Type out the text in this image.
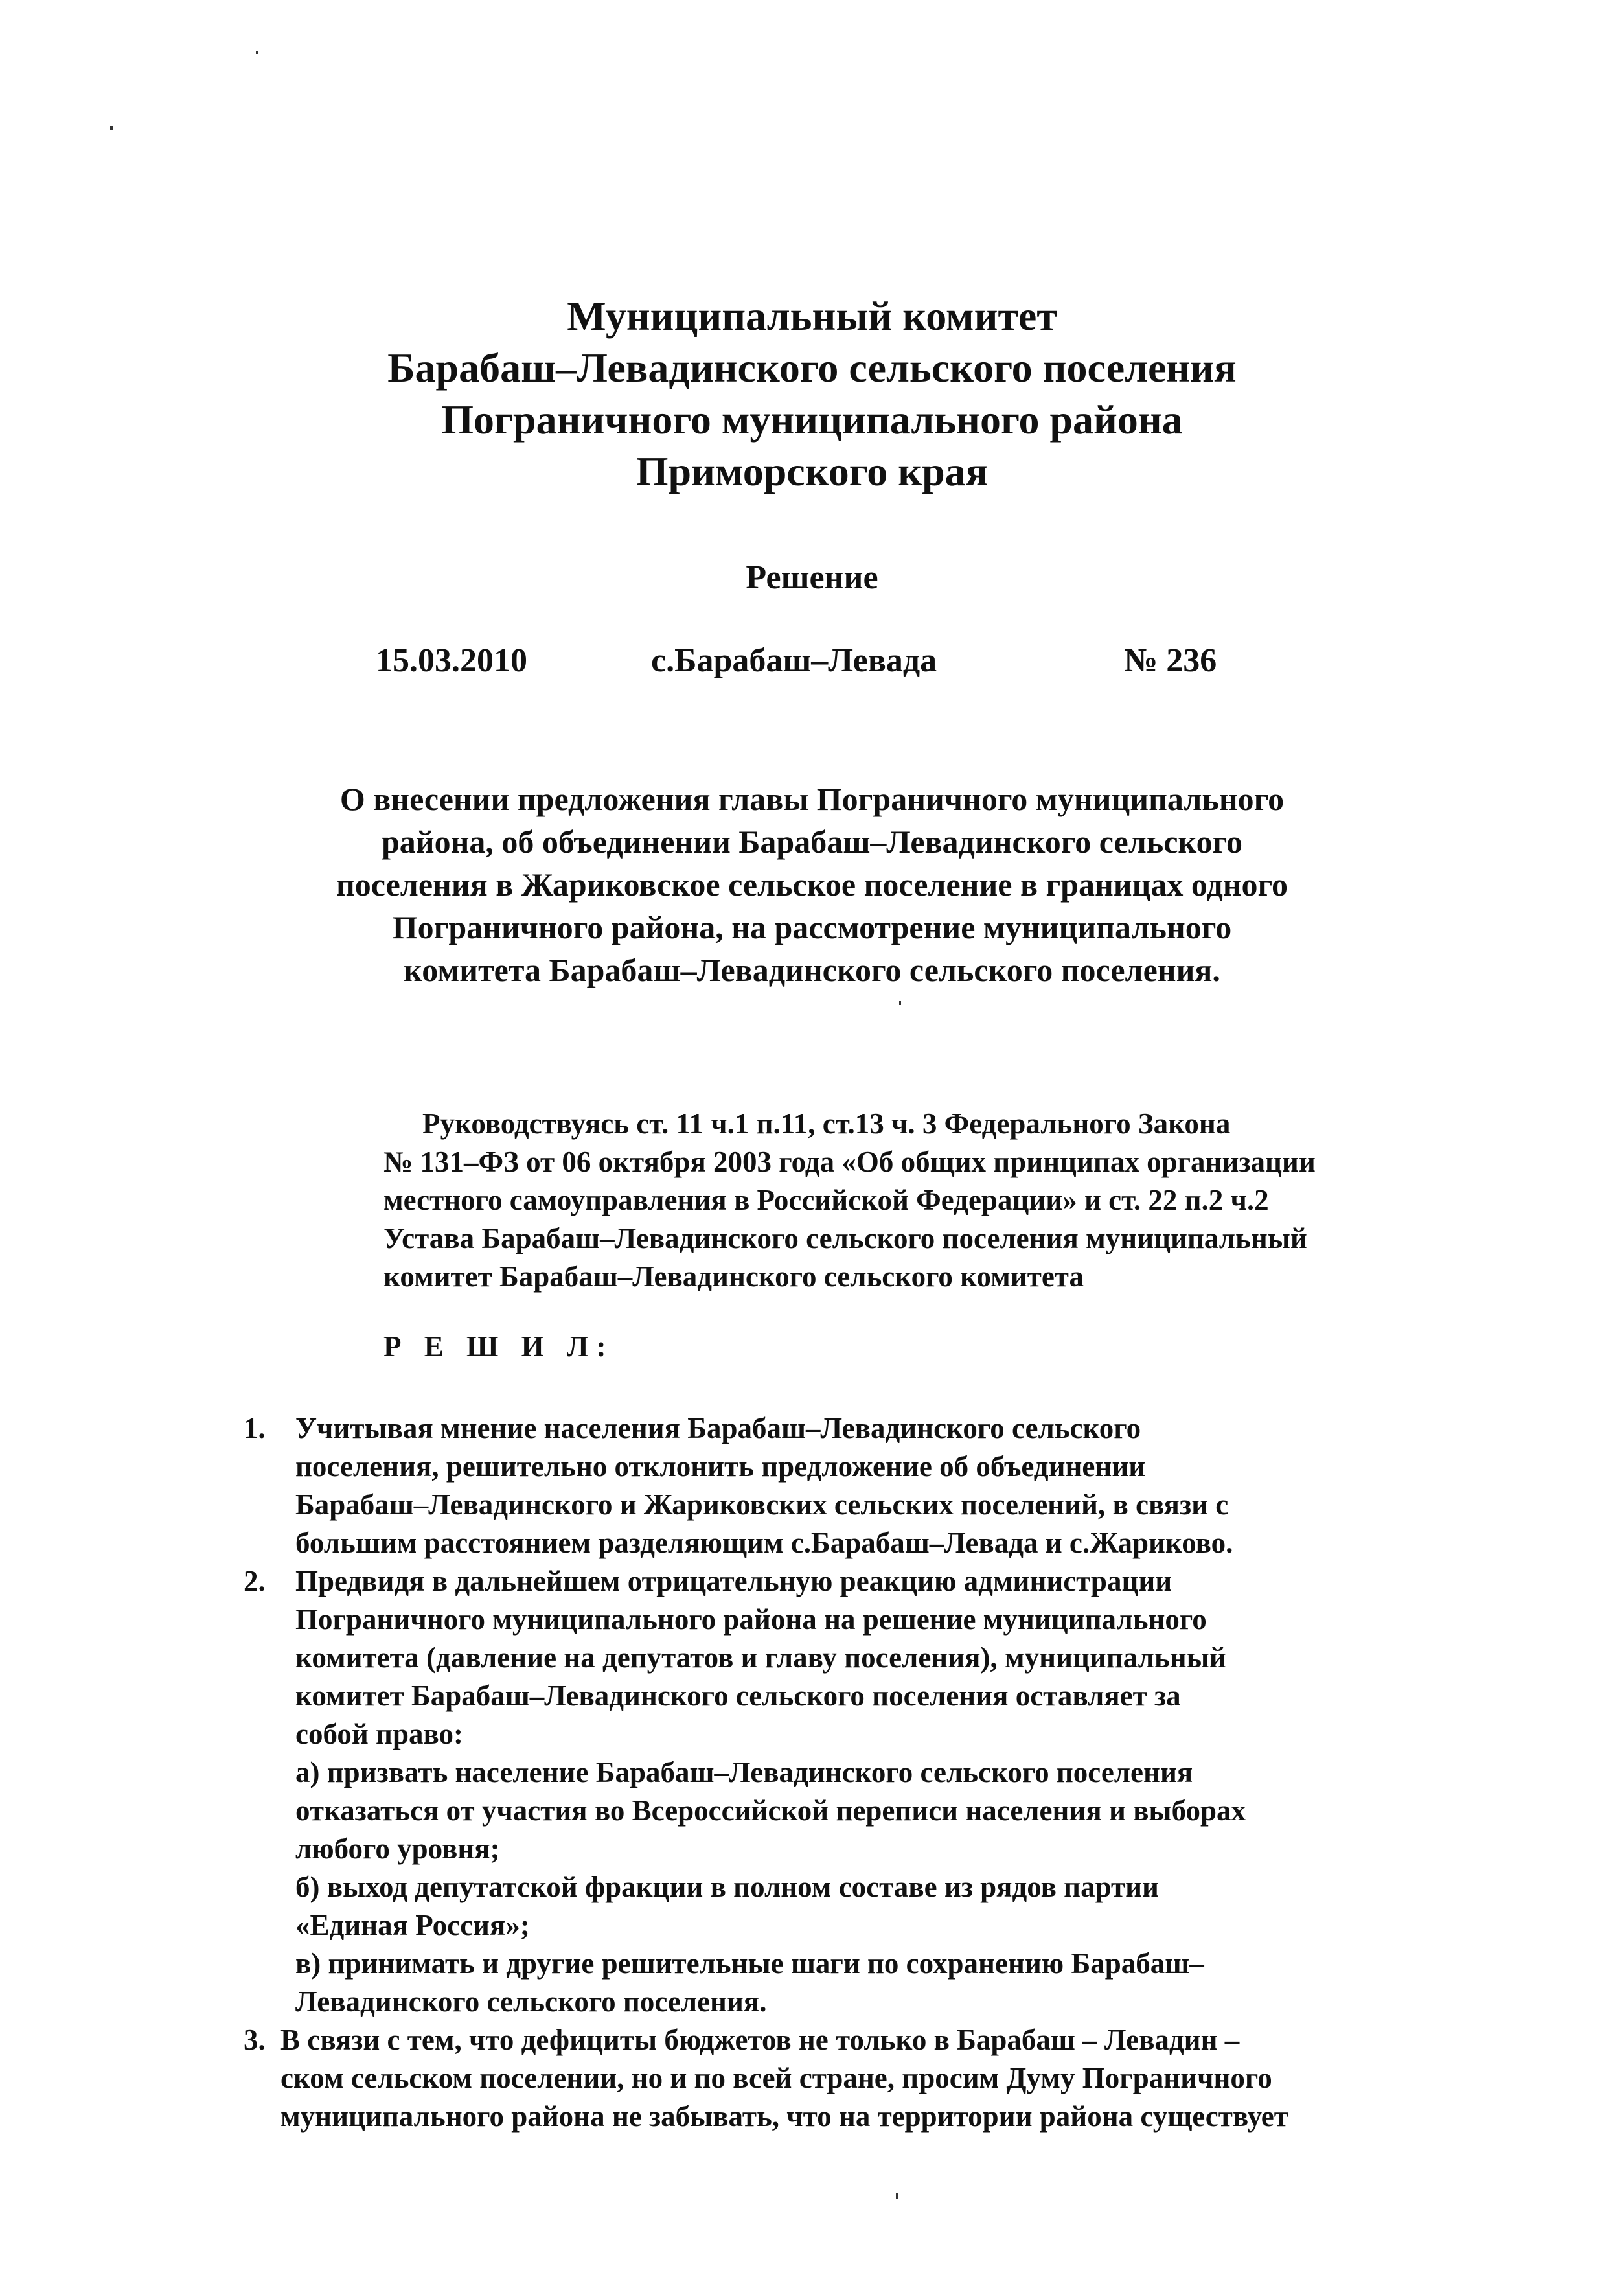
Муниципальный комитет
Барабаш–Левадинского сельского поселения
Пограничного муниципального района
Приморского края
Решение
15.03.2010	с.Барабаш–Левада	№ 236
О внесении предложения главы Пограничного муниципального
района, об объединении Барабаш–Левадинского сельского
поселения в Жариковское сельское поселение в границах одного
Пограничного района, на рассмотрение муниципального
комитета Барабаш–Левадинского сельского поселения.
Руководствуясь ст. 11 ч.1 п.11, ст.13 ч. 3 Федерального Закона
№ 131–ФЗ от 06 октября 2003 года «Об общих принципах организации
местного самоуправления в Российской Федерации» и ст. 22 п.2 ч.2
Устава Барабаш–Левадинского сельского поселения муниципальный
комитет Барабаш–Левадинского сельского комитета
Р Е Ш И Л:
1. Учитывая мнение населения Барабаш–Левадинского сельского
поселения, решительно отклонить предложение об объединении
Барабаш–Левадинского и Жариковских сельских поселений, в связи с
большим расстоянием разделяющим с.Барабаш–Левада и с.Жариково.
2. Предвидя в дальнейшем отрицательную реакцию администрации
Пограничного муниципального района на решение муниципального
комитета (давление на депутатов и главу поселения), муниципальный
комитет Барабаш–Левадинского сельского поселения оставляет за
собой право:
а) призвать население Барабаш–Левадинского сельского поселения
отказаться от участия во Всероссийской переписи населения и выборах
любого уровня;
б) выход депутатской фракции в полном составе из рядов партии
«Единая Россия»;
в) принимать и другие решительные шаги по сохранению Барабаш–
Левадинского сельского поселения.
3. В связи с тем, что дефициты бюджетов не только в Барабаш – Левадин –
ском сельском поселении, но и по всей стране, просим Думу Пограничного
муниципального района не забывать, что на территории района существует
